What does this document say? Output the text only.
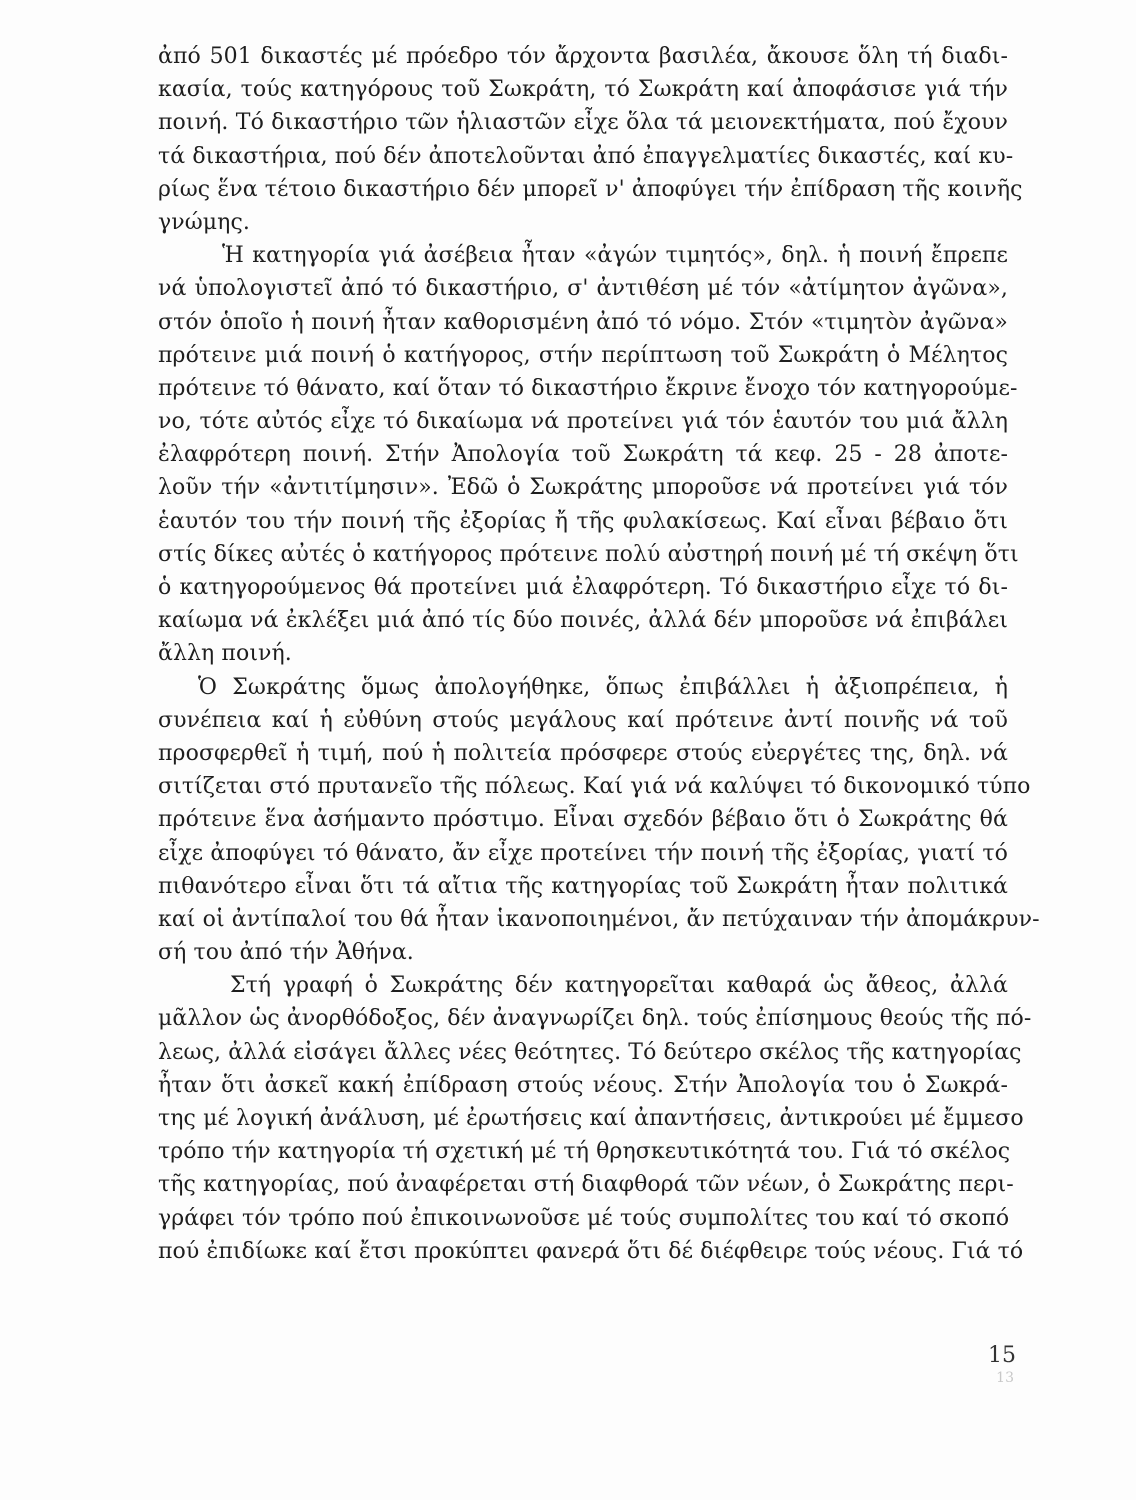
ἀπό 501 δικαστές μέ πρόεδρο τόν ἄρχοντα βασιλέα, ἄκουσε ὅλη τή διαδι-
κασία, τούς κατηγόρους τοῦ Σωκράτη, τό Σωκράτη καί ἀποφάσισε γιά τήν
ποινή. Τό δικαστήριο τῶν ἡλιαστῶν εἶχε ὅλα τά μειονεκτήματα, πού ἔχουν
τά δικαστήρια, πού δέν ἀποτελοῦνται ἀπό ἐπαγγελματίες δικαστές, καί κυ-
ρίως ἕνα τέτοιο δικαστήριο δέν μπορεῖ ν' ἀποφύγει τήν ἐπίδραση τῆς κοινῆς
γνώμης.
Ἡ κατηγορία γιά ἀσέβεια ἦταν «ἀγών τιμητός», δηλ. ἡ ποινή ἔπρεπε
νά ὑπολογιστεῖ ἀπό τό δικαστήριο, σ' ἀντιθέση μέ τόν «ἀτίμητον ἀγῶνα»,
στόν ὁποῖο ἡ ποινή ἦταν καθορισμένη ἀπό τό νόμο. Στόν «τιμητὸν ἀγῶνα»
πρότεινε μιά ποινή ὁ κατήγορος, στήν περίπτωση τοῦ Σωκράτη ὁ Μέλητος
πρότεινε τό θάνατο, καί ὅταν τό δικαστήριο ἔκρινε ἔνοχο τόν κατηγορούμε-
νο, τότε αὐτός εἶχε τό δικαίωμα νά προτείνει γιά τόν ἑαυτόν του μιά ἄλλη
ἐλαφρότερη ποινή. Στήν Ἀπολογία τοῦ Σωκράτη τά κεφ. 25 - 28 ἀποτε-
λοῦν τήν «ἀντιτίμησιν». Ἐδῶ ὁ Σωκράτης μποροῦσε νά προτείνει γιά τόν
ἑαυτόν του τήν ποινή τῆς ἐξορίας ἤ τῆς φυλακίσεως. Καί εἶναι βέβαιο ὅτι
στίς δίκες αὐτές ὁ κατήγορος πρότεινε πολύ αὐστηρή ποινή μέ τή σκέψη ὅτι
ὁ κατηγορούμενος θά προτείνει μιά ἐλαφρότερη. Τό δικαστήριο εἶχε τό δι-
καίωμα νά ἐκλέξει μιά ἀπό τίς δύο ποινές, ἀλλά δέν μποροῦσε νά ἐπιβάλει
ἄλλη ποινή.
Ὁ Σωκράτης ὅμως ἀπολογήθηκε, ὅπως ἐπιβάλλει ἡ ἀξιοπρέπεια, ἡ
συνέπεια καί ἡ εὐθύνη στούς μεγάλους καί πρότεινε ἀντί ποινῆς νά τοῦ
προσφερθεῖ ἡ τιμή, πού ἡ πολιτεία πρόσφερε στούς εὐεργέτες της, δηλ. νά
σιτίζεται στό πρυτανεῖο τῆς πόλεως. Καί γιά νά καλύψει τό δικονομικό τύπο
πρότεινε ἕνα ἀσήμαντο πρόστιμο. Εἶναι σχεδόν βέβαιο ὅτι ὁ Σωκράτης θά
εἶχε ἀποφύγει τό θάνατο, ἄν εἶχε προτείνει τήν ποινή τῆς ἐξορίας, γιατί τό
πιθανότερο εἶναι ὅτι τά αἴτια τῆς κατηγορίας τοῦ Σωκράτη ἦταν πολιτικά
καί οἱ ἀντίπαλοί του θά ἦταν ἱκανοποιημένοι, ἄν πετύχαιναν τήν ἀπομάκρυν-
σή του ἀπό τήν Ἀθήνα.
Στή γραφή ὁ Σωκράτης δέν κατηγορεῖται καθαρά ὡς ἄθεος, ἀλλά
μᾶλλον ὡς ἀνορθόδοξος, δέν ἀναγνωρίζει δηλ. τούς ἐπίσημους θεούς τῆς πό-
λεως, ἀλλά εἰσάγει ἄλλες νέες θεότητες. Τό δεύτερο σκέλος τῆς κατηγορίας
ἦταν ὅτι ἀσκεῖ κακή ἐπίδραση στούς νέους. Στήν Ἀπολογία του ὁ Σωκρά-
της μέ λογική ἀνάλυση, μέ ἐρωτήσεις καί ἀπαντήσεις, ἀντικρούει μέ ἔμμεσο
τρόπο τήν κατηγορία τή σχετική μέ τή θρησκευτικότητά του. Γιά τό σκέλος
τῆς κατηγορίας, πού ἀναφέρεται στή διαφθορά τῶν νέων, ὁ Σωκράτης περι-
γράφει τόν τρόπο πού ἐπικοινωνοῦσε μέ τούς συμπολίτες του καί τό σκοπό
πού ἐπιδίωκε καί ἔτσι προκύπτει φανερά ὅτι δέ διέφθειρε τούς νέους. Γιά τό
15
13
